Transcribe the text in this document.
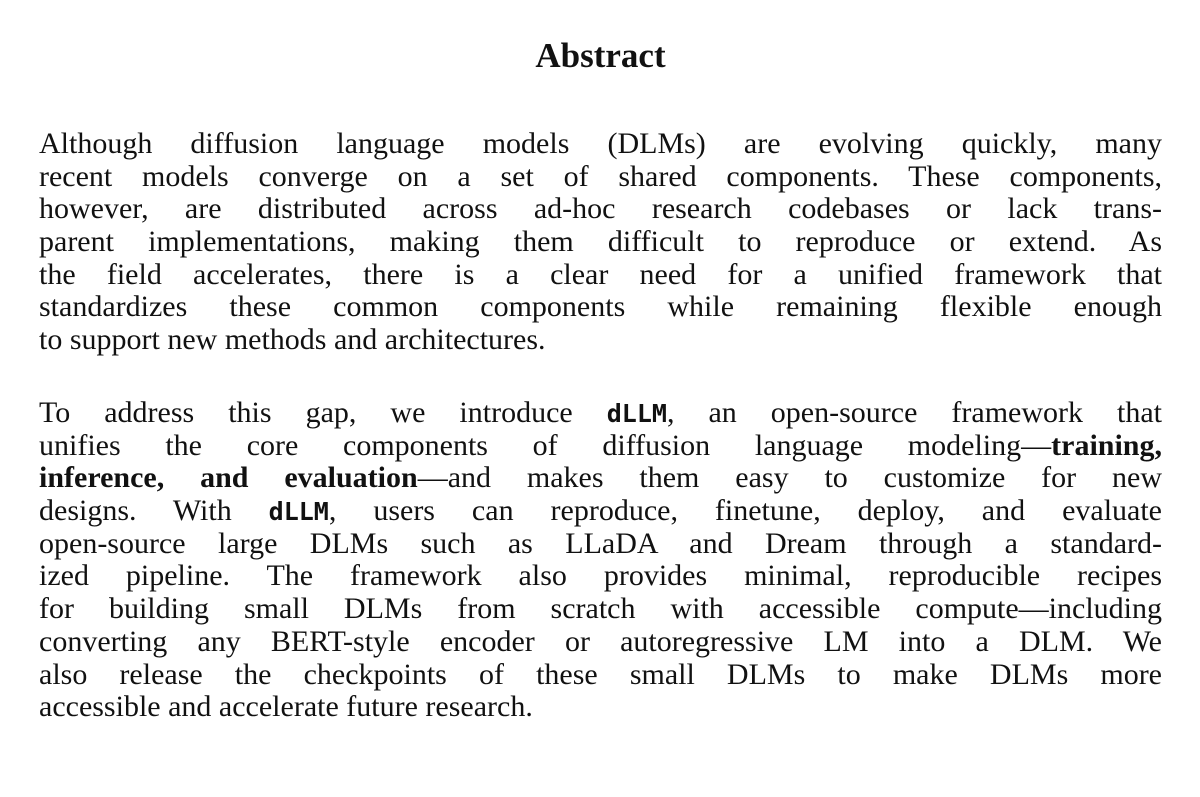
Abstract
Although diffusion language models (DLMs) are evolving quickly, many
recent models converge on a set of shared components. These components,
however, are distributed across ad-hoc research codebases or lack trans-
parent implementations, making them difficult to reproduce or extend. As
the field accelerates, there is a clear need for a unified framework that
standardizes these common components while remaining flexible enough
to support new methods and architectures.
To address this gap, we introduce dLLM, an open-source framework that
unifies the core components of diffusion language modeling—training,
inference, and evaluation—and makes them easy to customize for new
designs. With dLLM, users can reproduce, finetune, deploy, and evaluate
open-source large DLMs such as LLaDA and Dream through a standard-
ized pipeline. The framework also provides minimal, reproducible recipes
for building small DLMs from scratch with accessible compute—including
converting any BERT-style encoder or autoregressive LM into a DLM. We
also release the checkpoints of these small DLMs to make DLMs more
accessible and accelerate future research.
